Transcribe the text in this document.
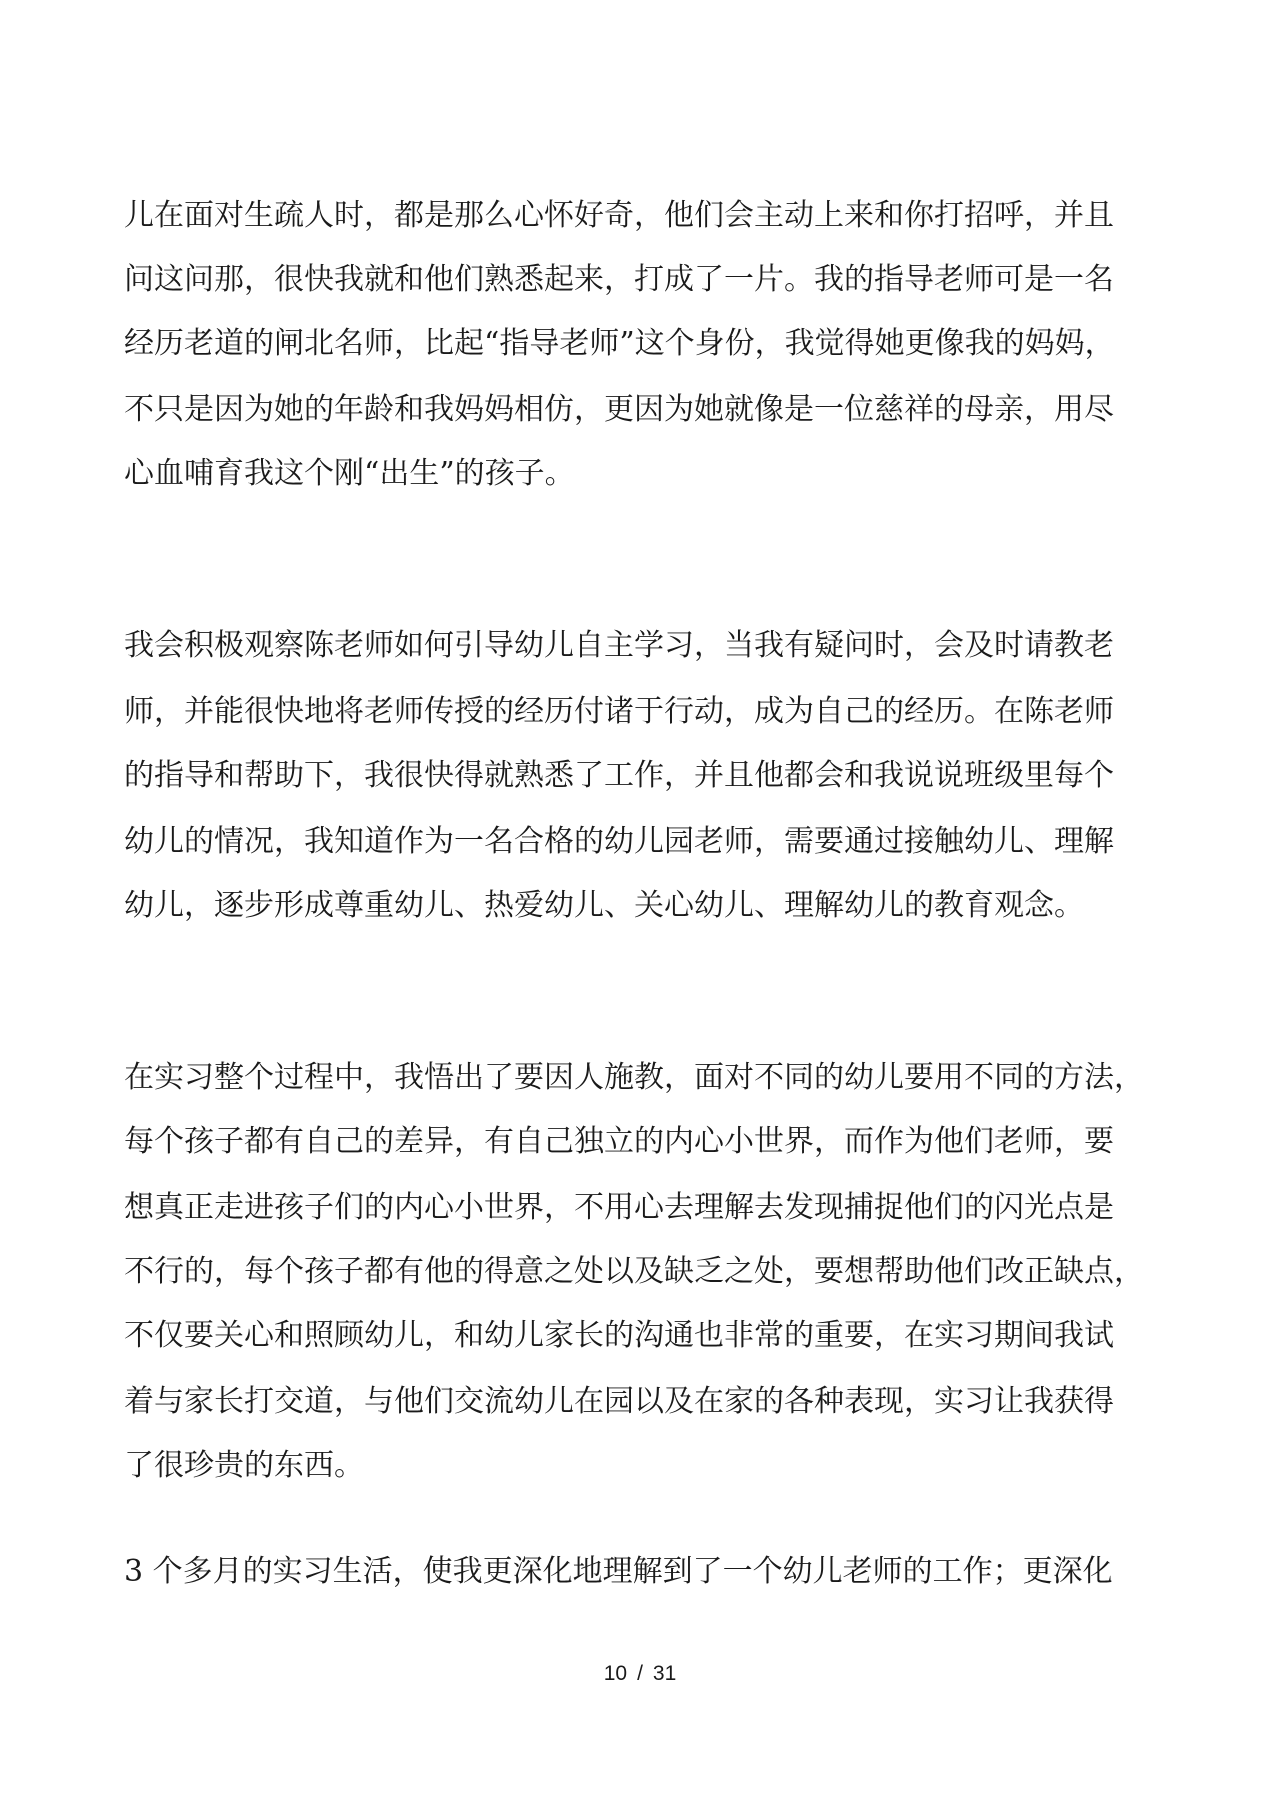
儿在面对生疏人时，都是那么心怀好奇，他们会主动上来和你打招呼，并且
问这问那，很快我就和他们熟悉起来，打成了一片。我的指导老师可是一名
经历老道的闸北名师，比起“指导老师”这个身份，我觉得她更像我的妈妈，
不只是因为她的年龄和我妈妈相仿，更因为她就像是一位慈祥的母亲，用尽
心血哺育我这个刚“出生”的孩子。
我会积极观察陈老师如何引导幼儿自主学习，当我有疑问时，会及时请教老
师，并能很快地将老师传授的经历付诸于行动，成为自己的经历。在陈老师
的指导和帮助下，我很快得就熟悉了工作，并且他都会和我说说班级里每个
幼儿的情况，我知道作为一名合格的幼儿园老师，需要通过接触幼儿、理解
幼儿，逐步形成尊重幼儿、热爱幼儿、关心幼儿、理解幼儿的教育观念。
在实习整个过程中，我悟出了要因人施教，面对不同的幼儿要用不同的方法，
每个孩子都有自己的差异，有自己独立的内心小世界，而作为他们老师，要
想真正走进孩子们的内心小世界，不用心去理解去发现捕捉他们的闪光点是
不行的，每个孩子都有他的得意之处以及缺乏之处，要想帮助他们改正缺点，
不仅要关心和照顾幼儿，和幼儿家长的沟通也非常的重要，在实习期间我试
着与家长打交道，与他们交流幼儿在园以及在家的各种表现，实习让我获得
了很珍贵的东西。
3 个多月的实习生活，使我更深化地理解到了一个幼儿老师的工作；更深化
10 / 31
